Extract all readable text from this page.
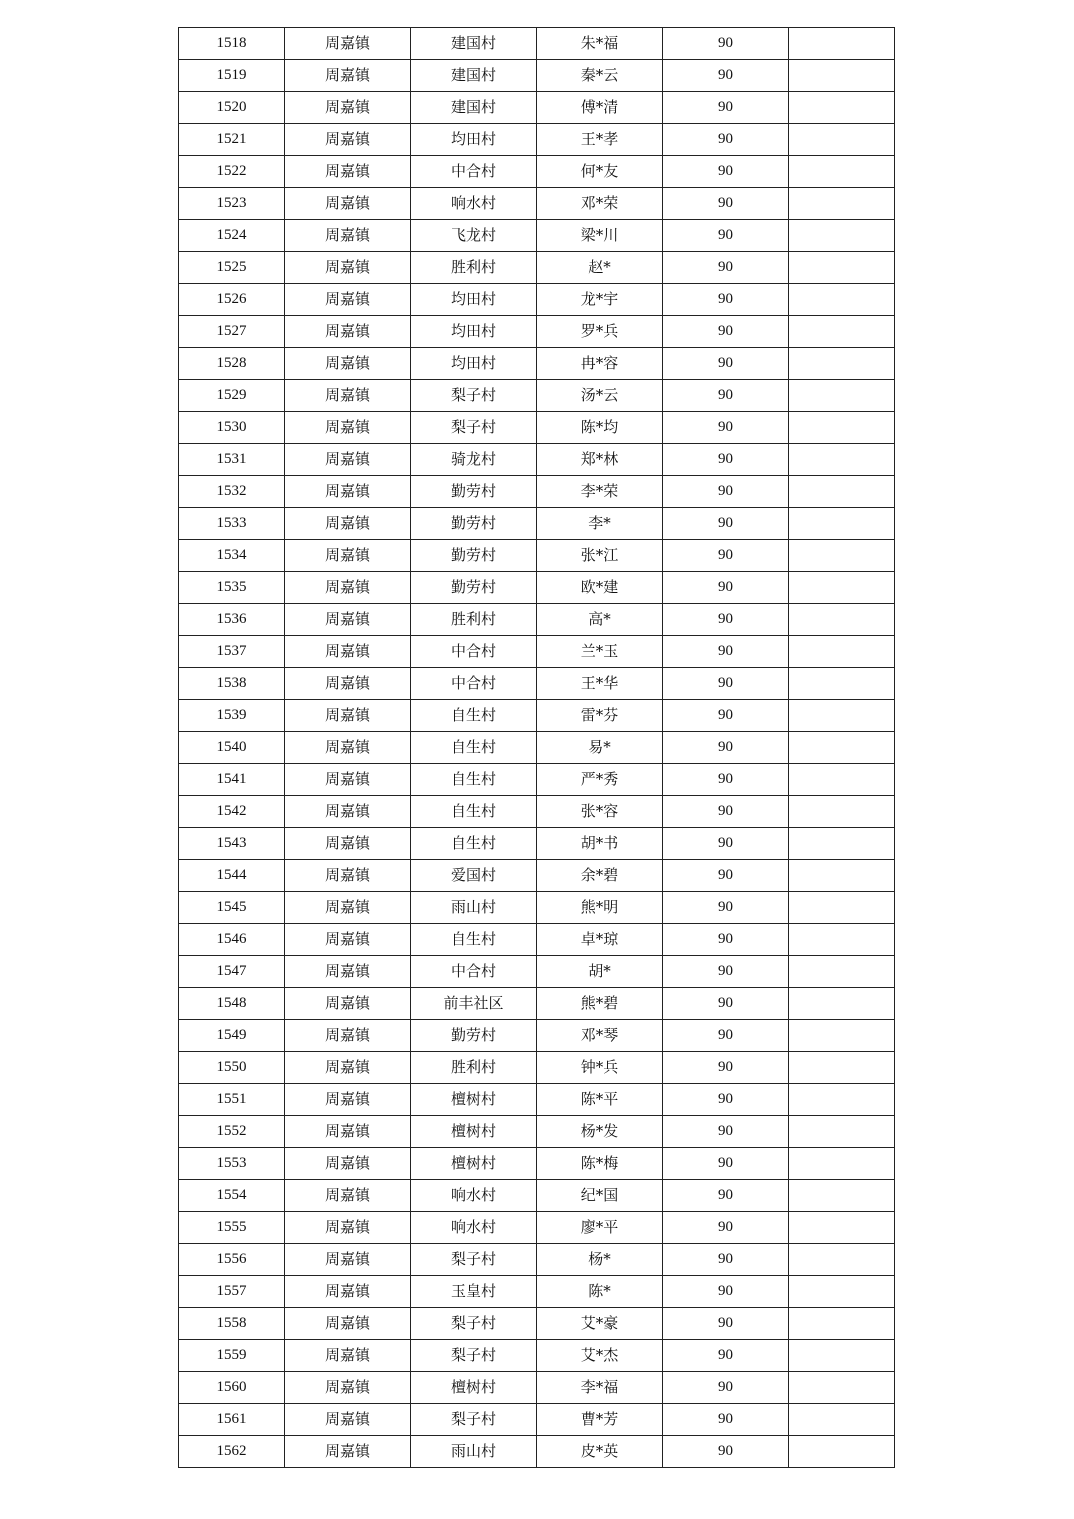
1518	周嘉镇	建国村	朱*福	90	
1519	周嘉镇	建国村	秦*云	90	
1520	周嘉镇	建国村	傅*清	90	
1521	周嘉镇	均田村	王*孝	90	
1522	周嘉镇	中合村	何*友	90	
1523	周嘉镇	响水村	邓*荣	90	
1524	周嘉镇	飞龙村	梁*川	90	
1525	周嘉镇	胜利村	赵*	90	
1526	周嘉镇	均田村	龙*宇	90	
1527	周嘉镇	均田村	罗*兵	90	
1528	周嘉镇	均田村	冉*容	90	
1529	周嘉镇	梨子村	汤*云	90	
1530	周嘉镇	梨子村	陈*均	90	
1531	周嘉镇	骑龙村	郑*林	90	
1532	周嘉镇	勤劳村	李*荣	90	
1533	周嘉镇	勤劳村	李*	90	
1534	周嘉镇	勤劳村	张*江	90	
1535	周嘉镇	勤劳村	欧*建	90	
1536	周嘉镇	胜利村	高*	90	
1537	周嘉镇	中合村	兰*玉	90	
1538	周嘉镇	中合村	王*华	90	
1539	周嘉镇	自生村	雷*芬	90	
1540	周嘉镇	自生村	易*	90	
1541	周嘉镇	自生村	严*秀	90	
1542	周嘉镇	自生村	张*容	90	
1543	周嘉镇	自生村	胡*书	90	
1544	周嘉镇	爱国村	余*碧	90	
1545	周嘉镇	雨山村	熊*明	90	
1546	周嘉镇	自生村	卓*琼	90	
1547	周嘉镇	中合村	胡*	90	
1548	周嘉镇	前丰社区	熊*碧	90	
1549	周嘉镇	勤劳村	邓*琴	90	
1550	周嘉镇	胜利村	钟*兵	90	
1551	周嘉镇	檀树村	陈*平	90	
1552	周嘉镇	檀树村	杨*发	90	
1553	周嘉镇	檀树村	陈*梅	90	
1554	周嘉镇	响水村	纪*国	90	
1555	周嘉镇	响水村	廖*平	90	
1556	周嘉镇	梨子村	杨*	90	
1557	周嘉镇	玉皇村	陈*	90	
1558	周嘉镇	梨子村	艾*豪	90	
1559	周嘉镇	梨子村	艾*杰	90	
1560	周嘉镇	檀树村	李*福	90	
1561	周嘉镇	梨子村	曹*芳	90	
1562	周嘉镇	雨山村	皮*英	90	
